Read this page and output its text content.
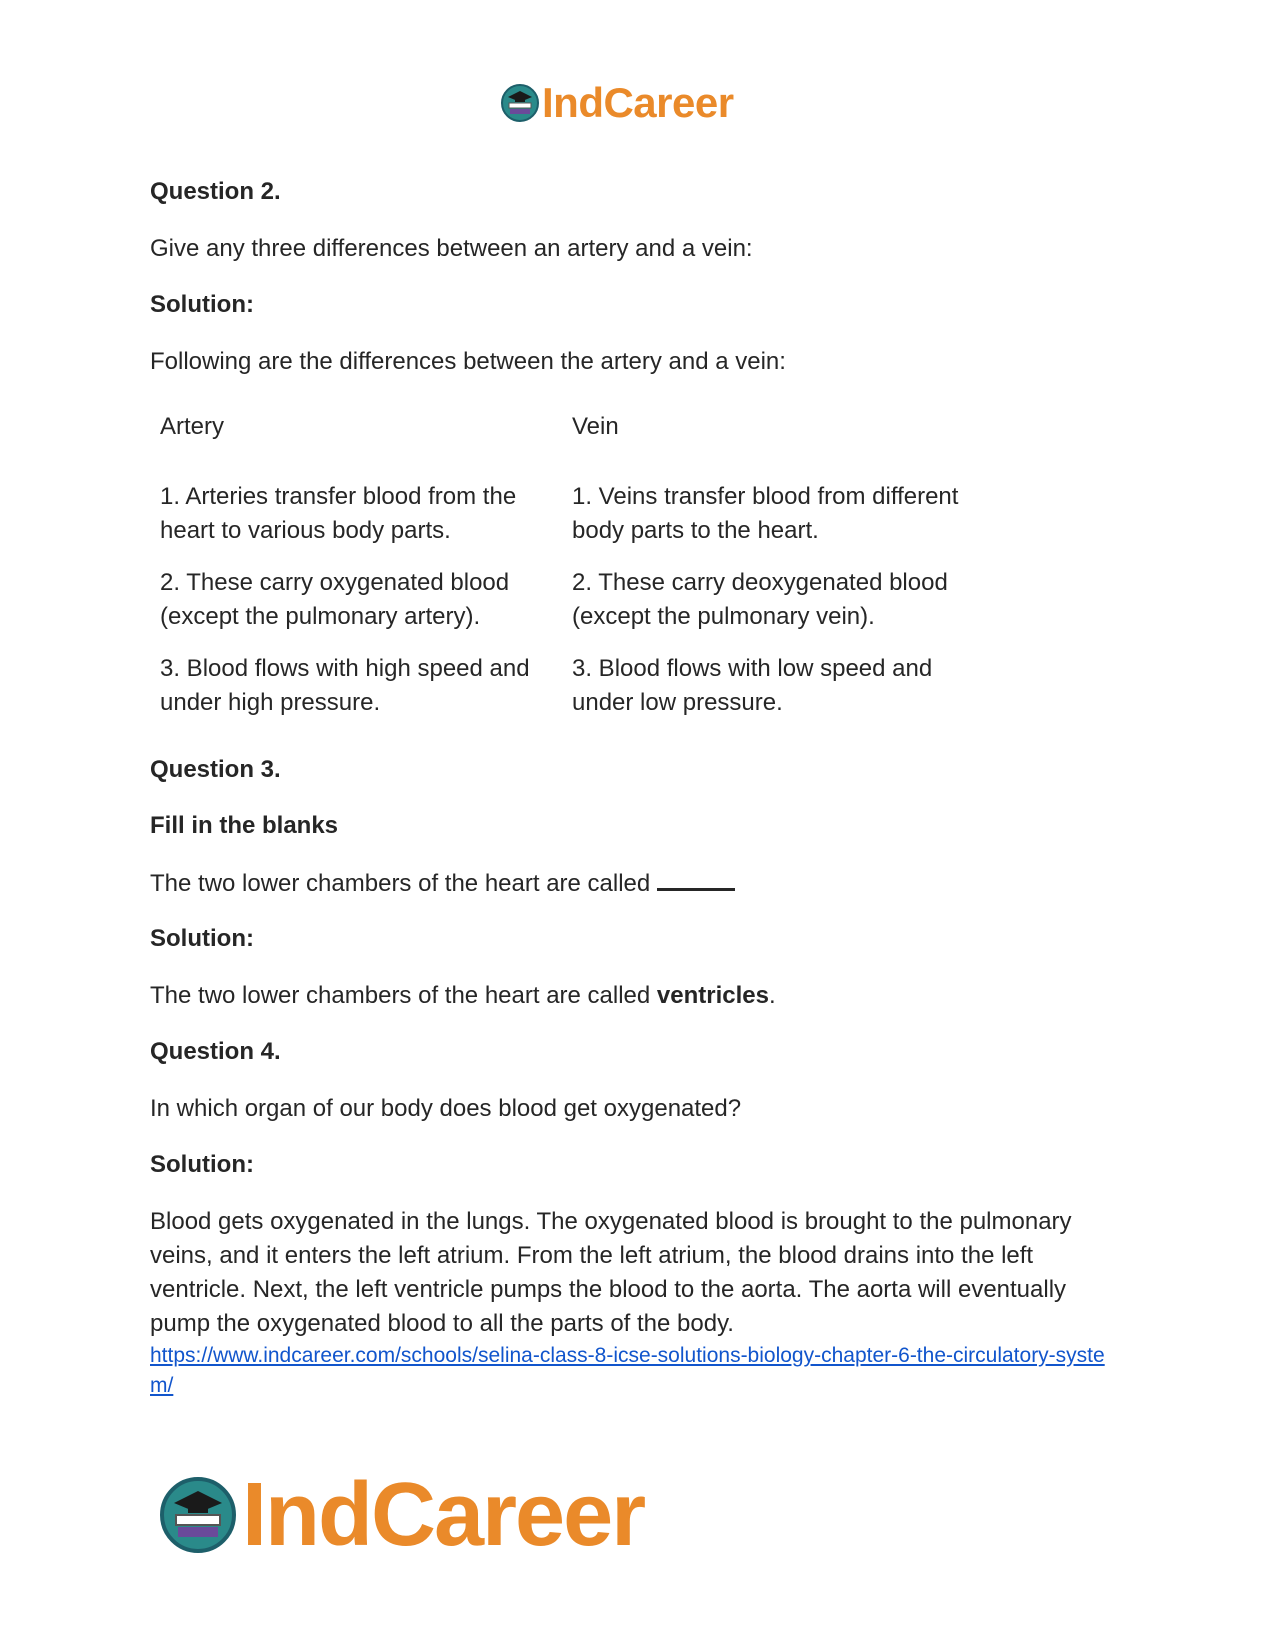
IndCareer

Question 2.

Give any three differences between an artery and a vein:

Solution:

Following are the differences between the artery and a vein:

Artery	Vein
1. Arteries transfer blood from the heart to various body parts.
1. Veins transfer blood from different body parts to the heart.
2. These carry oxygenated blood (except the pulmonary artery).
2. These carry deoxygenated blood (except the pulmonary vein).
3. Blood flows with high speed and under high pressure.
3. Blood flows with low speed and under low pressure.

Question 3.

Fill in the blanks

The two lower chambers of the heart are called

Solution:

The two lower chambers of the heart are called ventricles.

Question 4.

In which organ of our body does blood get oxygenated?

Solution:

Blood gets oxygenated in the lungs. The oxygenated blood is brought to the pulmonary veins, and it enters the left atrium. From the left atrium, the blood drains into the left ventricle. Next, the left ventricle pumps the blood to the aorta. The aorta will eventually pump the oxygenated blood to all the parts of the body.

https://www.indcareer.com/schools/selina-class-8-icse-solutions-biology-chapter-6-the-circulatory-system/
IndCareer
